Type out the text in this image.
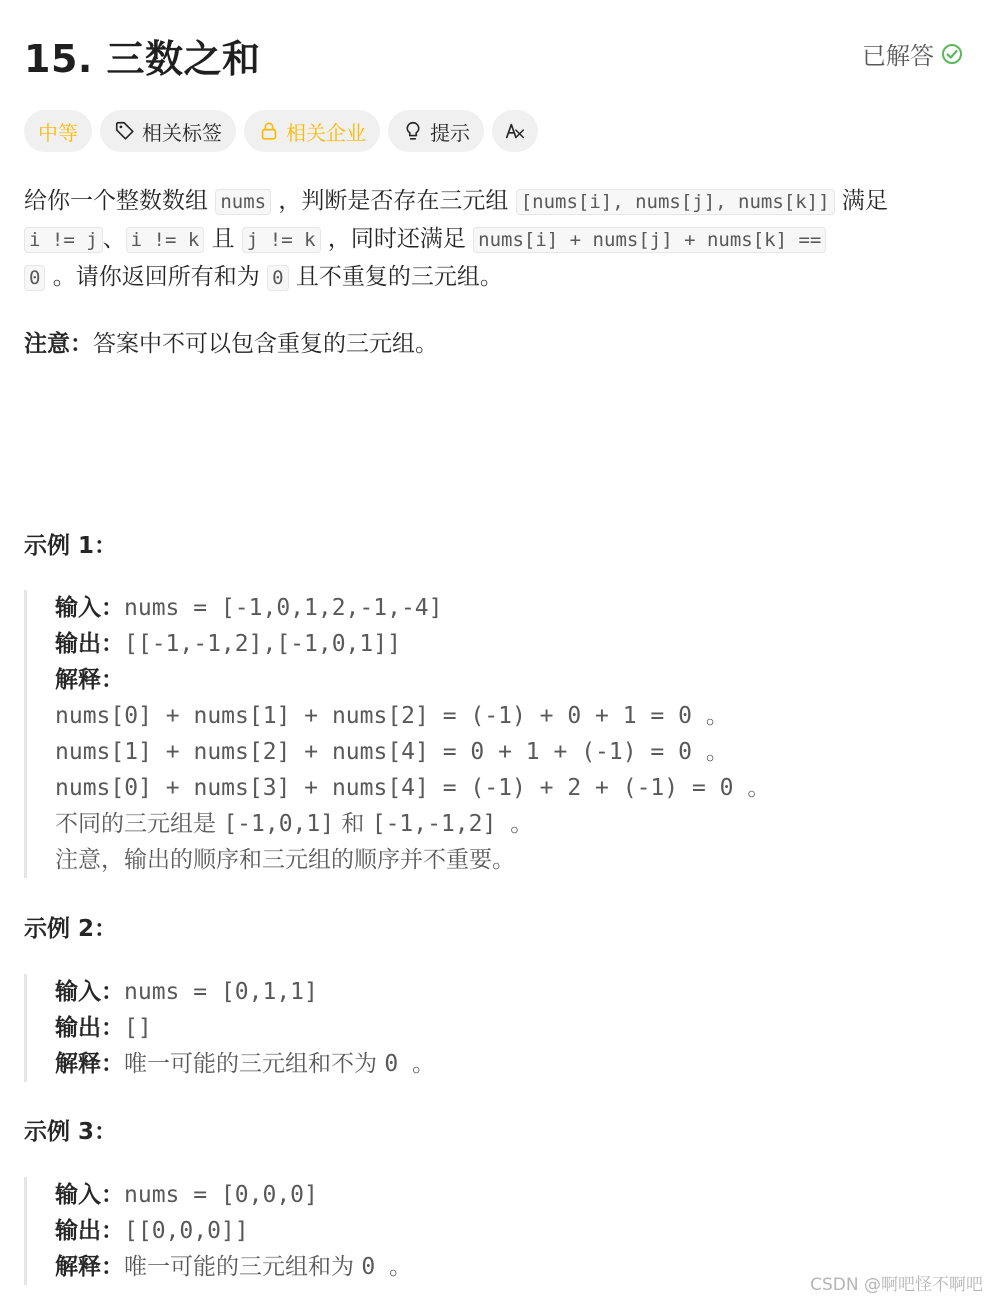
15. 三数之和	已解答
中等	相关标签	相关企业	提示
给你一个整数数组 nums ，判断是否存在三元组 [nums[i], nums[j], nums[k]] 满足 i != j 、 i != k 且 j != k ，同时还满足 nums[i] + nums[j] + nums[k] ==
0 。请你返回所有和为 0 且不重复的三元组。
注意：答案中不可以包含重复的三元组。
示例 1：
输入：nums = [-1,0,1,2,-1,-4]
输出：[[-1,-1,2],[-1,0,1]]
解释：
nums[0] + nums[1] + nums[2] = (-1) + 0 + 1 = 0 。
nums[1] + nums[2] + nums[4] = 0 + 1 + (-1) = 0 。
nums[0] + nums[3] + nums[4] = (-1) + 2 + (-1) = 0 。
不同的三元组是 [-1,0,1] 和 [-1,-1,2] 。
注意，输出的顺序和三元组的顺序并不重要。
示例 2：
输入：nums = [0,1,1]
输出：[]
解释：唯一可能的三元组和不为 0 。
示例 3：
输入：nums = [0,0,0]
输出：[[0,0,0]]
解释：唯一可能的三元组和为 0 。
CSDN @啊吧怪不啊吧
